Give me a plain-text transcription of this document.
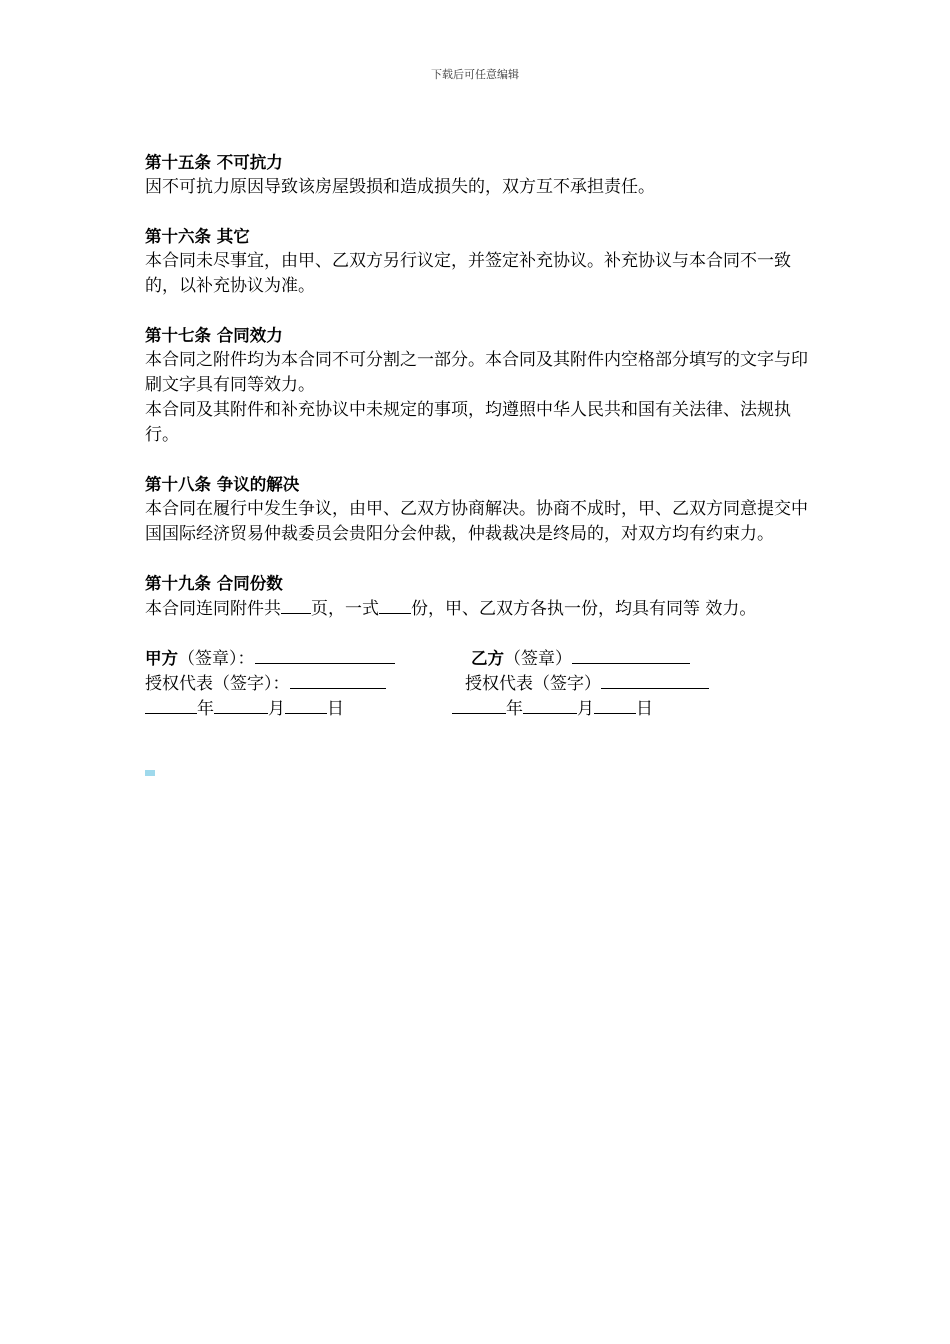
下载后可任意编辑
第十五条 不可抗力

因不可抗力原因导致该房屋毁损和造成损失的，双方互不承担责任。

第十六条 其它

本合同未尽事宜，由甲、乙双方另行议定，并签定补充协议。补充协议与本合同不一致的，以补充协议为准。

第十七条 合同效力

本合同之附件均为本合同不可分割之一部分。本合同及其附件内空格部分填写的文字与印刷文字具有同等效力。

本合同及其附件和补充协议中未规定的事项，均遵照中华人民共和国有关法律、法规执行。

第十八条 争议的解决

本合同在履行中发生争议，由甲、乙双方协商解决。协商不成时，甲、乙双方同意提交中国国际经济贸易仲裁委员会贵阳分会仲裁，仲裁裁决是终局的，对双方均有约束力。

第十九条 合同份数

本合同连同附件共 页，一式 份，甲、乙双方各执一份，均具有同等 效力。

甲方（签章）：	乙方（签章）
授权代表（签字）：	授权代表（签字）
年	月 日	年	月 日
